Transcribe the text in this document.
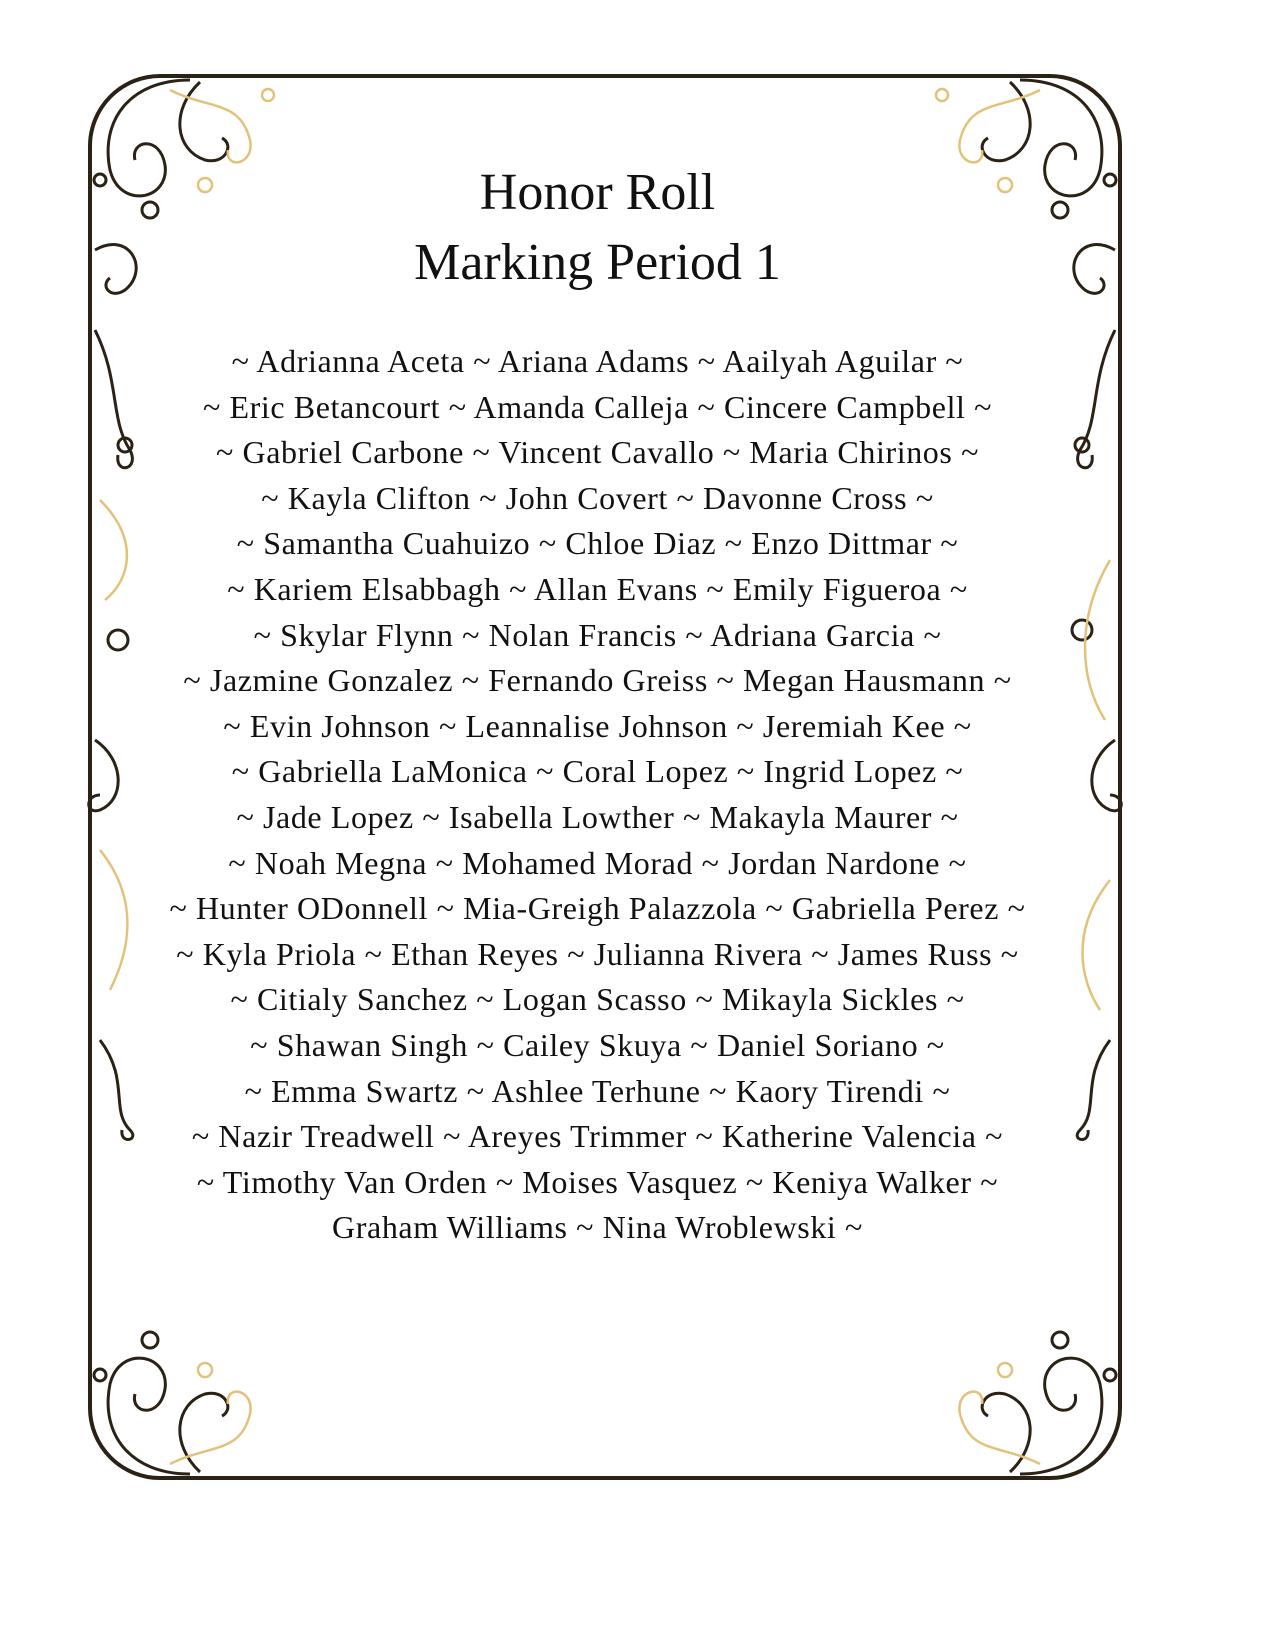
Honor Roll
Marking Period 1
~ Adrianna Aceta ~ Ariana Adams ~ Aailyah Aguilar ~
~ Eric Betancourt ~ Amanda Calleja ~ Cincere Campbell ~
~ Gabriel Carbone ~ Vincent Cavallo ~ Maria Chirinos ~
~ Kayla Clifton ~ John Covert ~ Davonne Cross ~
~ Samantha Cuahuizo ~ Chloe Diaz ~ Enzo Dittmar ~
~ Kariem Elsabbagh ~ Allan Evans ~ Emily Figueroa ~
~ Skylar Flynn ~ Nolan Francis ~ Adriana Garcia ~
~ Jazmine Gonzalez ~ Fernando Greiss ~ Megan Hausmann ~
~ Evin Johnson ~ Leannalise Johnson ~ Jeremiah Kee ~
~ Gabriella LaMonica ~ Coral Lopez ~ Ingrid Lopez ~
~ Jade Lopez ~ Isabella Lowther ~ Makayla Maurer ~
~ Noah Megna ~ Mohamed Morad ~ Jordan Nardone ~
~ Hunter ODonnell ~ Mia-Greigh Palazzola ~ Gabriella Perez ~
~ Kyla Priola ~ Ethan Reyes ~ Julianna Rivera ~ James Russ ~
~ Citialy Sanchez ~ Logan Scasso ~ Mikayla Sickles ~
~ Shawan Singh ~ Cailey Skuya ~ Daniel Soriano ~
~ Emma Swartz ~ Ashlee Terhune ~ Kaory Tirendi ~
~ Nazir Treadwell ~ Areyes Trimmer ~ Katherine Valencia ~
~ Timothy Van Orden ~ Moises Vasquez ~ Keniya Walker ~
Graham Williams ~ Nina Wroblewski ~
